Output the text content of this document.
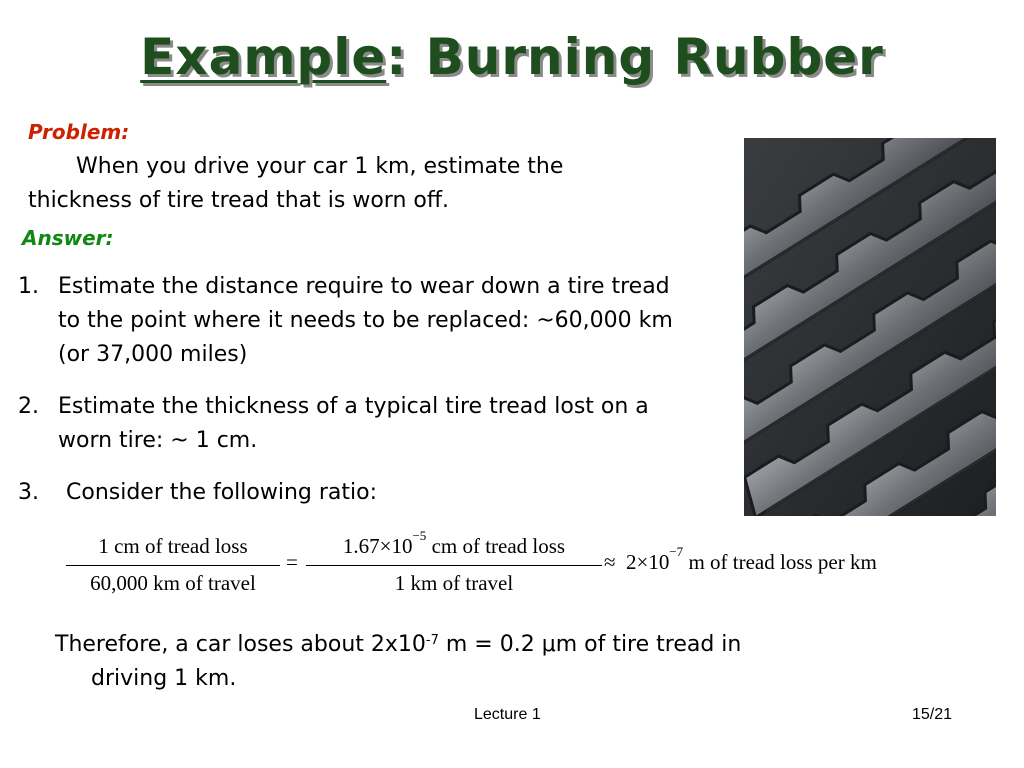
Example: Burning Rubber
Problem:
When you drive your car 1 km, estimate the
thickness of tire tread that is worn off.
Answer:
1. Estimate the distance require to wear down a tire tread to the point where it needs to be replaced: ~60,000 km (or 37,000 miles)
2. Estimate the thickness of a typical tire tread lost on a worn tire: ~ 1 cm.
3. Consider the following ratio:
1 cm of tread loss
60,000 km of travel
=
$1.67\times 10^{-5}$ cm of tread loss
1 km of travel
≈ $2\times 10^{-7}$ m of tread loss per km
Therefore, a car loses about $2x10^{-7}$ m = 0.2 μm of tire tread in
driving 1 km.
Lecture 1	15/21
